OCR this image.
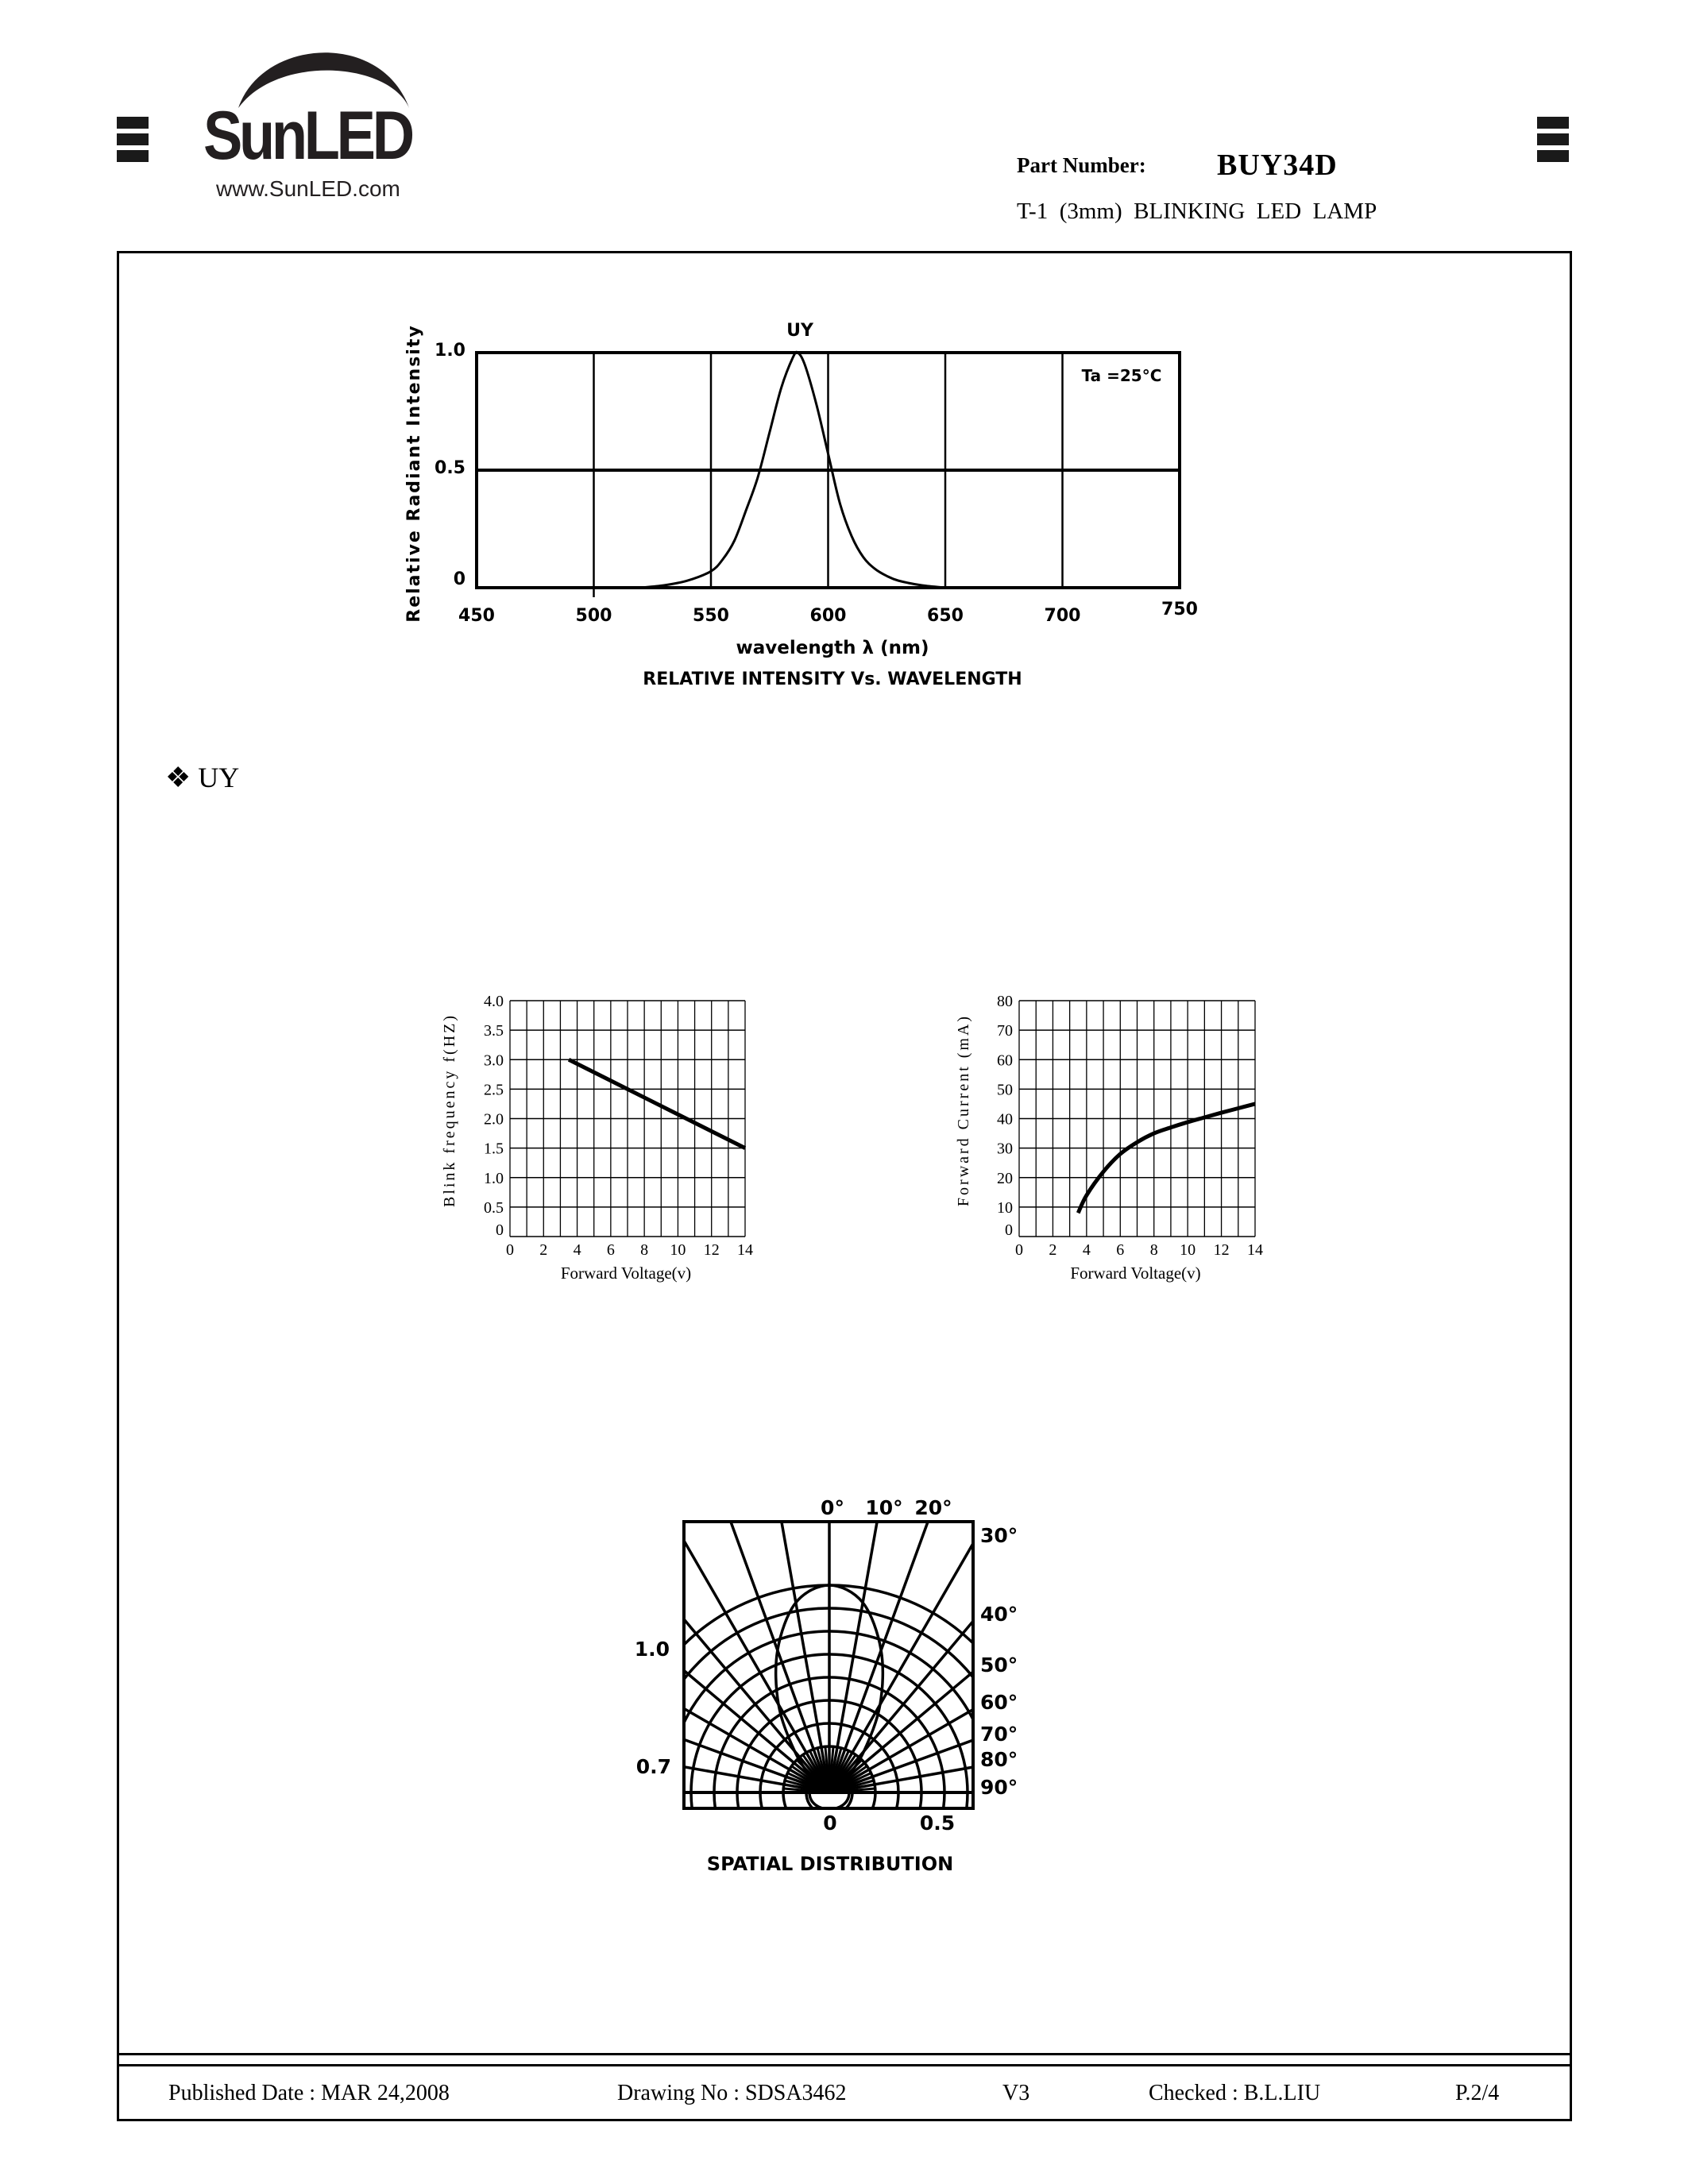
SunLED
www.SunLED.com
Part Number: BUY34D
T-1  (3mm)  BLINKING  LED  LAMP
❖ UY
Published Date : MAR 24,2008	Drawing No : SDSA3462	V3	Checked : B.L.LIU	P.2/4
450	500	550	600	650	700	750
0
0.5
1.0
UY
Ta =25°C
wavelength λ (nm)
RELATIVE INTENSITY Vs. WAVELENGTH
Relative Radiant Intensity
0 2 4 6 8 10 12 14
0
0.5
1.0
1.5
2.0
2.5
3.0
3.5
4.0
Forward Voltage(v)
Blink frequency f(HZ)
0 2 4 6 8 10 12 14
0
10
20
30
40
50
60
70
80
Forward Voltage(v)
Forward Current (mA)
0° 10° 20°
30°
40°
50°
60°
70°
80°
90°
1.0
0.7
0	0.5
SPATIAL DISTRIBUTION
